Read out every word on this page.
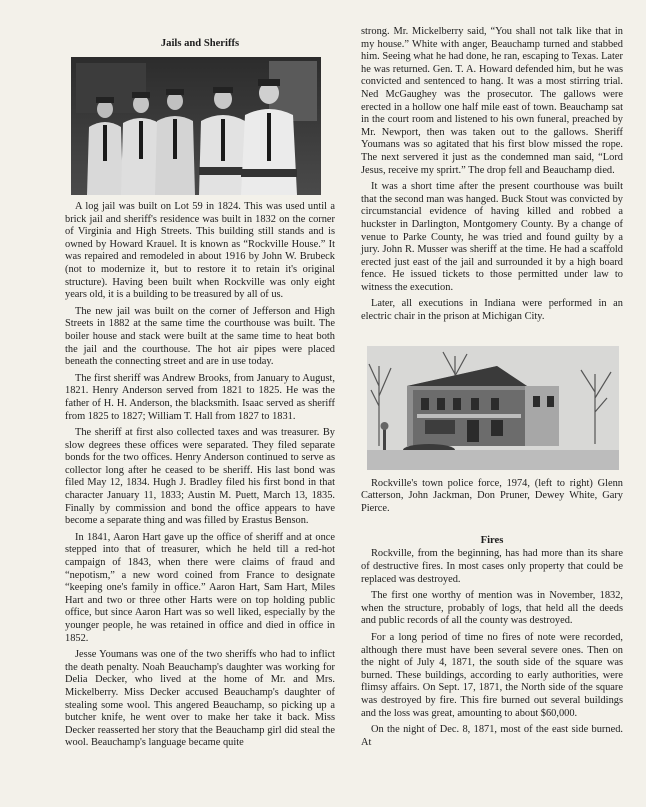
Jails and Sheriffs

A log jail was built on Lot 59 in 1824. This was used until a brick jail and sheriff's residence was built in 1832 on the corner of Virginia and High Streets. This building still stands and is owned by Howard Krauel. It is known as “Rockville House.” It was repaired and remodeled in about 1916 by John W. Brubeck (not to modernize it, but to restore it to retain it's original structure). Having been built when Rockville was only eight years old, it is a building to be treasured by all of us.

The new jail was built on the corner of Jefferson and High Streets in 1882 at the same time the courthouse was built. The boiler house and stack were built at the same time to heat both the jail and the courthouse. The hot air pipes were placed beneath the connecting street and are in use today.

The first sheriff was Andrew Brooks, from January to August, 1821. Henry Anderson served from 1821 to 1825. He was the father of H. H. Anderson, the blacksmith. Isaac served as sheriff from 1825 to 1827; William T. Hall from 1827 to 1831.

The sheriff at first also collected taxes and was treasurer. By slow degrees these offices were separated. They filed separate bonds for the two offices. Henry Anderson continued to serve as collector long after he ceased to be sheriff. His last bond was filed May 12, 1834. Hugh J. Bradley filed his first bond in that character January 11, 1833; Austin M. Puett, March 13, 1835. Finally by commission and bond the office appears to have become a separate thing and was filled by Erastus Benson.

In 1841, Aaron Hart gave up the office of sheriff and at once stepped into that of treasurer, which he held till a red-hot campaign of 1843, when there were claims of fraud and “nepotism,” a new word coined from France to designate “keeping one's family in office.” Aaron Hart, Sam Hart, Miles Hart and two or three other Harts were on top holding public office, but since Aaron Hart was so well liked, especially by the younger people, he was retained in office and died in office in 1852.

Jesse Youmans was one of the two sheriffs who had to inflict the death penalty. Noah Beauchamp's daughter was working for Delia Decker, who lived at the home of Mr. and Mrs. Mickelberry. Miss Decker accused Beauchamp's daughter of stealing some wool. This angered Beauchamp, so picking up a butcher knife, he went over to make her take it back. Miss Decker reasserted her story that the Beauchamp girl did steal the wool. Beauchamp's language became quite

strong. Mr. Mickelberry said, “You shall not talk like that in my house.” White with anger, Beauchamp turned and stabbed him. Seeing what he had done, he ran, escaping to Texas. Later he was returned. Gen. T. A. Howard defended him, but he was convicted and sentenced to hang. It was a most stirring trial. Ned McGaughey was the prosecutor. The gallows were erected in a hollow one half mile east of town. Beauchamp sat in the court room and listened to his own funeral, preached by Mr. Newport, then was taken out to the gallows. Sheriff Youmans was so agitated that his first blow missed the rope. The next servered it just as the condemned man said, “Lord Jesus, receive my sprirt.” The drop fell and Beauchamp died.

It was a short time after the present courthouse was built that the second man was hanged. Buck Stout was convicted by circumstancial evidence of having killed and robbed a huckster in Darlington, Montgomery County. By a change of venue to Parke County, he was tried and found guilty by a jury. John R. Musser was sheriff at the time. He had a scaffold erected just east of the jail and surrounded it by a high board fence. He issued tickets to those permitted under law to witness the execution.

Later, all executions in Indiana were performed in an electric chair in the prison at Michigan City.

Rockville's town police force, 1974, (left to right) Glenn Catterson, John Jackman, Don Pruner, Dewey White, Gary Pierce.

Fires

Rockville, from the beginning, has had more than its share of destructive fires. In most cases only property that could be replaced was destroyed.

The first one worthy of mention was in November, 1832, when the structure, probably of logs, that held all the deeds and public records of all the county was destroyed.

For a long period of time no fires of note were recorded, although there must have been several severe ones. Then on the night of July 4, 1871, the south side of the square was burned. These buildings, according to early authorities, were flimsy affairs. On Sept. 17, 1871, the North side of the square was destroyed by fire. This fire burned out several buildings and the loss was great, amounting to about $60,000.

On the night of Dec. 8, 1871, most of the east side burned. At
